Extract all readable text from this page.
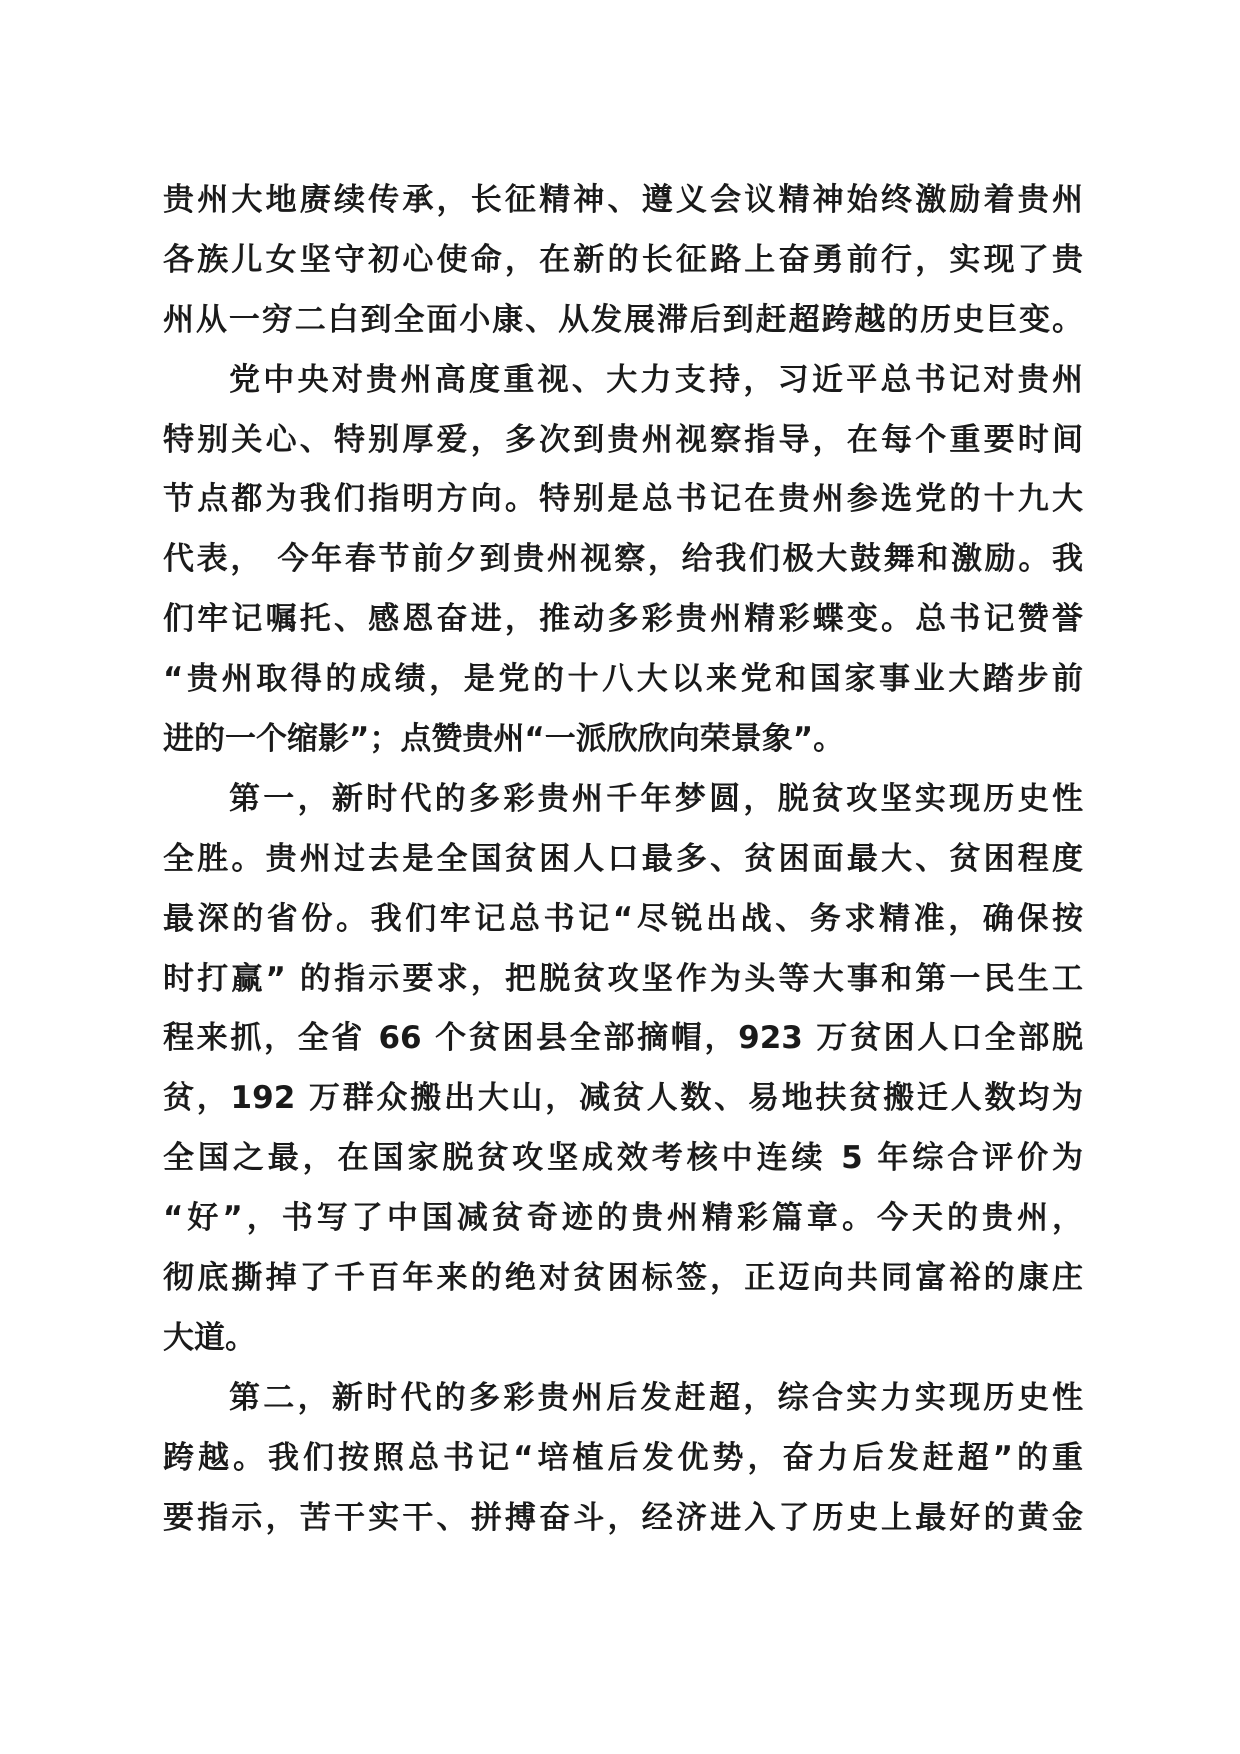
贵州大地赓续传承，长征精神、遵义会议精神始终激励着贵州
各族儿女坚守初心使命，在新的长征路上奋勇前行，实现了贵
州从一穷二白到全面小康、从发展滞后到赶超跨越的历史巨变。
党中央对贵州高度重视、大力支持，习近平总书记对贵州
特别关心、特别厚爱，多次到贵州视察指导，在每个重要时间
节点都为我们指明方向。特别是总书记在贵州参选党的十九大
代表， 今年春节前夕到贵州视察，给我们极大鼓舞和激励。我
们牢记嘱托、感恩奋进，推动多彩贵州精彩蝶变。总书记赞誉
“贵州取得的成绩，是党的十八大以来党和国家事业大踏步前
进的一个缩影”；点赞贵州“一派欣欣向荣景象”。
第一，新时代的多彩贵州千年梦圆，脱贫攻坚实现历史性
全胜。贵州过去是全国贫困人口最多、贫困面最大、贫困程度
最深的省份。我们牢记总书记“尽锐出战、务求精准，确保按
时打赢” 的指示要求，把脱贫攻坚作为头等大事和第一民生工
程来抓，全省 66 个贫困县全部摘帽，923 万贫困人口全部脱
贫，192 万群众搬出大山，减贫人数、易地扶贫搬迁人数均为
全国之最，在国家脱贫攻坚成效考核中连续 5 年综合评价为
“好”，书写了中国减贫奇迹的贵州精彩篇章。今天的贵州，
彻底撕掉了千百年来的绝对贫困标签，正迈向共同富裕的康庄
大道。
第二，新时代的多彩贵州后发赶超，综合实力实现历史性
跨越。我们按照总书记“培植后发优势，奋力后发赶超”的重
要指示，苦干实干、拼搏奋斗，经济进入了历史上最好的黄金
